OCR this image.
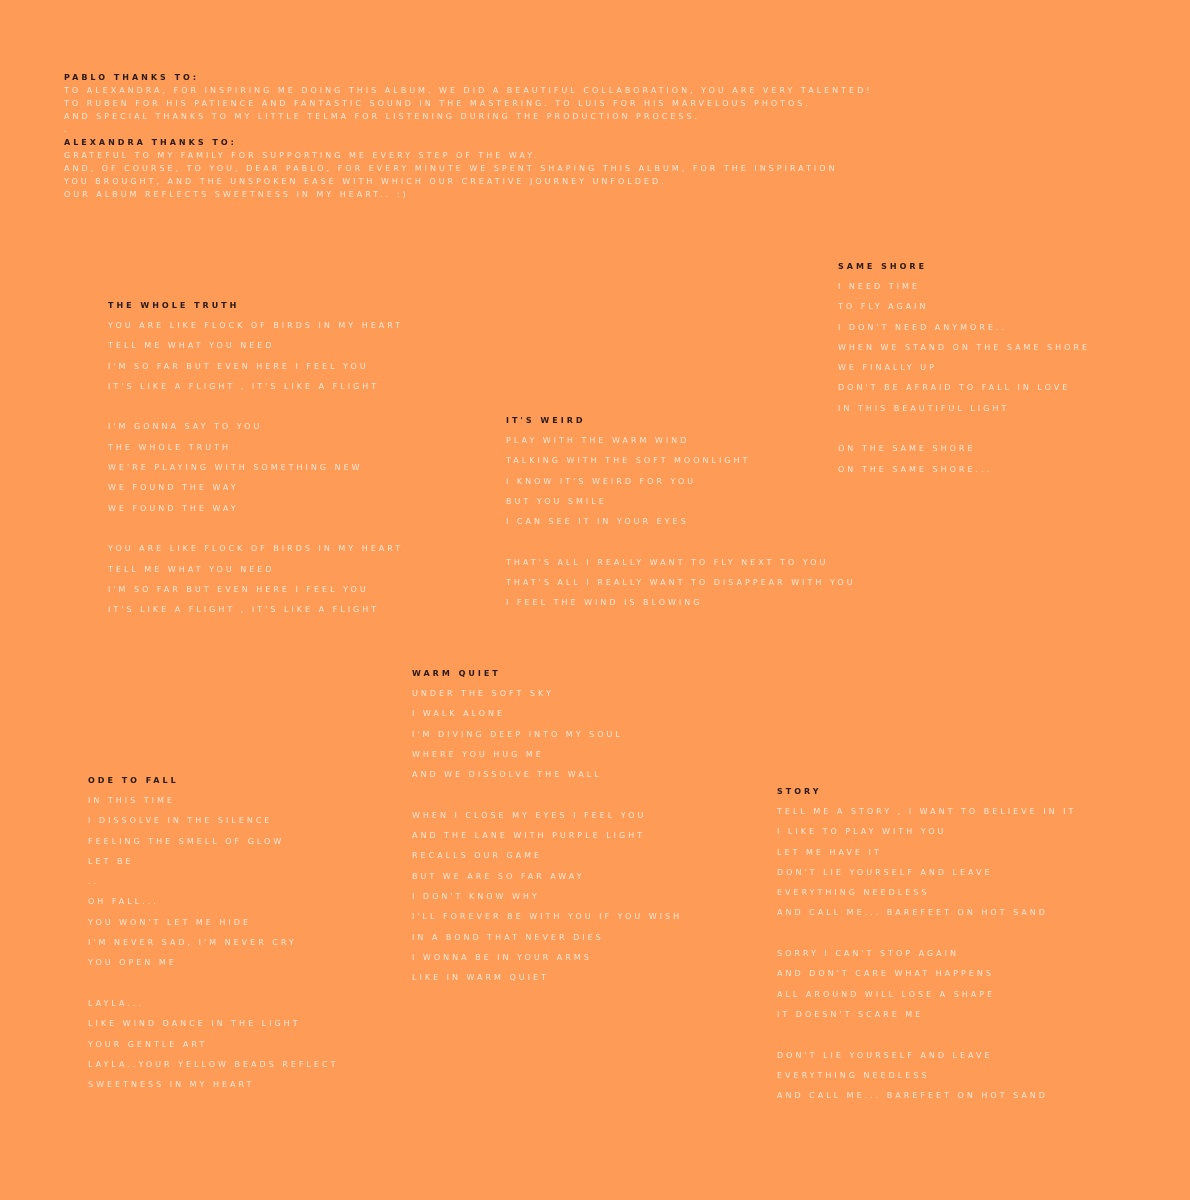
PABLO THANKS TO:
TO ALEXANDRA, FOR INSPIRING ME DOING THIS ALBUM. WE DID A BEAUTIFUL COLLABORATION, YOU ARE VERY TALENTED!
TO RUBEN FOR HIS PATIENCE AND FANTASTIC SOUND IN THE MASTERING. TO LUIS FOR HIS MARVELOUS PHOTOS.
AND SPECIAL THANKS TO MY LITTLE TELMA FOR LISTENING DURING THE PRODUCTION PROCESS.
.
ALEXANDRA THANKS TO:
GRATEFUL TO MY FAMILY FOR SUPPORTING ME EVERY STEP OF THE WAY.
AND, OF COURSE, TO YOU, DEAR PABLO, FOR EVERY MINUTE WE SPENT SHAPING THIS ALBUM, FOR THE INSPIRATION
YOU BROUGHT, AND THE UNSPOKEN EASE WITH WHICH OUR CREATIVE JOURNEY UNFOLDED.
OUR ALBUM REFLECTS SWEETNESS IN MY HEART.. :)
THE WHOLE TRUTH
YOU ARE LIKE FLOCK OF BIRDS IN MY HEART
TELL ME WHAT YOU NEED
I'M SO FAR BUT EVEN HERE I FEEL YOU
IT'S LIKE A FLIGHT , IT'S LIKE A FLIGHT
I'M GONNA SAY TO YOU
THE WHOLE TRUTH
WE'RE PLAYING WITH SOMETHING NEW
WE FOUND THE WAY
WE FOUND THE WAY
YOU ARE LIKE FLOCK OF BIRDS IN MY HEART
TELL ME WHAT YOU NEED
I'M SO FAR BUT EVEN HERE I FEEL YOU
IT'S LIKE A FLIGHT , IT'S LIKE A FLIGHT
IT'S WEIRD
PLAY WITH THE WARM WIND
TALKING WITH THE SOFT MOONLIGHT
I KNOW IT'S WEIRD FOR YOU
BUT YOU SMILE
I CAN SEE IT IN YOUR EYES
THAT'S ALL I REALLY WANT TO FLY NEXT TO YOU
THAT'S ALL I REALLY WANT TO DISAPPEAR WITH YOU
I FEEL THE WIND IS BLOWING
SAME SHORE
I NEED TIME
TO FLY AGAIN
I DON'T NEED ANYMORE..
WHEN WE STAND ON THE SAME SHORE
WE FINALLY UP
DON'T BE AFRAID TO FALL IN LOVE
IN THIS BEAUTIFUL LIGHT
ON THE SAME SHORE
ON THE SAME SHORE...
WARM QUIET
UNDER THE SOFT SKY
I WALK ALONE
I'M DIVING DEEP INTO MY SOUL
WHERE YOU HUG ME
AND WE DISSOLVE THE WALL
WHEN I CLOSE MY EYES I FEEL YOU
AND THE LANE WITH PURPLE LIGHT
RECALLS OUR GAME
BUT WE ARE SO FAR AWAY
I DON'T KNOW WHY
I'LL FOREVER BE WITH YOU IF YOU WISH
IN A BOND THAT NEVER DIES
I WONNA BE IN YOUR ARMS
LIKE IN WARM QUIET
ODE TO FALL
IN THIS TIME
I DISSOLVE IN THE SILENCE
FEELING THE SMELL OF GLOW
LET BE
..
OH FALL...
YOU WON'T LET ME HIDE
I'M NEVER SAD, I'M NEVER CRY
YOU OPEN ME
LAYLA...
LIKE WIND DANCE IN THE LIGHT
YOUR GENTLE ART
LAYLA..YOUR YELLOW BEADS REFLECT
SWEETNESS IN MY HEART
STORY
TELL ME A STORY , I WANT TO BELIEVE IN IT
I LIKE TO PLAY WITH YOU
LET ME HAVE IT
DON'T LIE YOURSELF AND LEAVE
EVERYTHING NEEDLESS
AND CALL ME... BAREFEET ON HOT SAND
SORRY I CAN'T STOP AGAIN
AND DON'T CARE WHAT HAPPENS
ALL AROUND WILL LOSE A SHAPE
IT DOESN'T SCARE ME
DON'T LIE YOURSELF AND LEAVE
EVERYTHING NEEDLESS
AND CALL ME... BAREFEET ON HOT SAND
